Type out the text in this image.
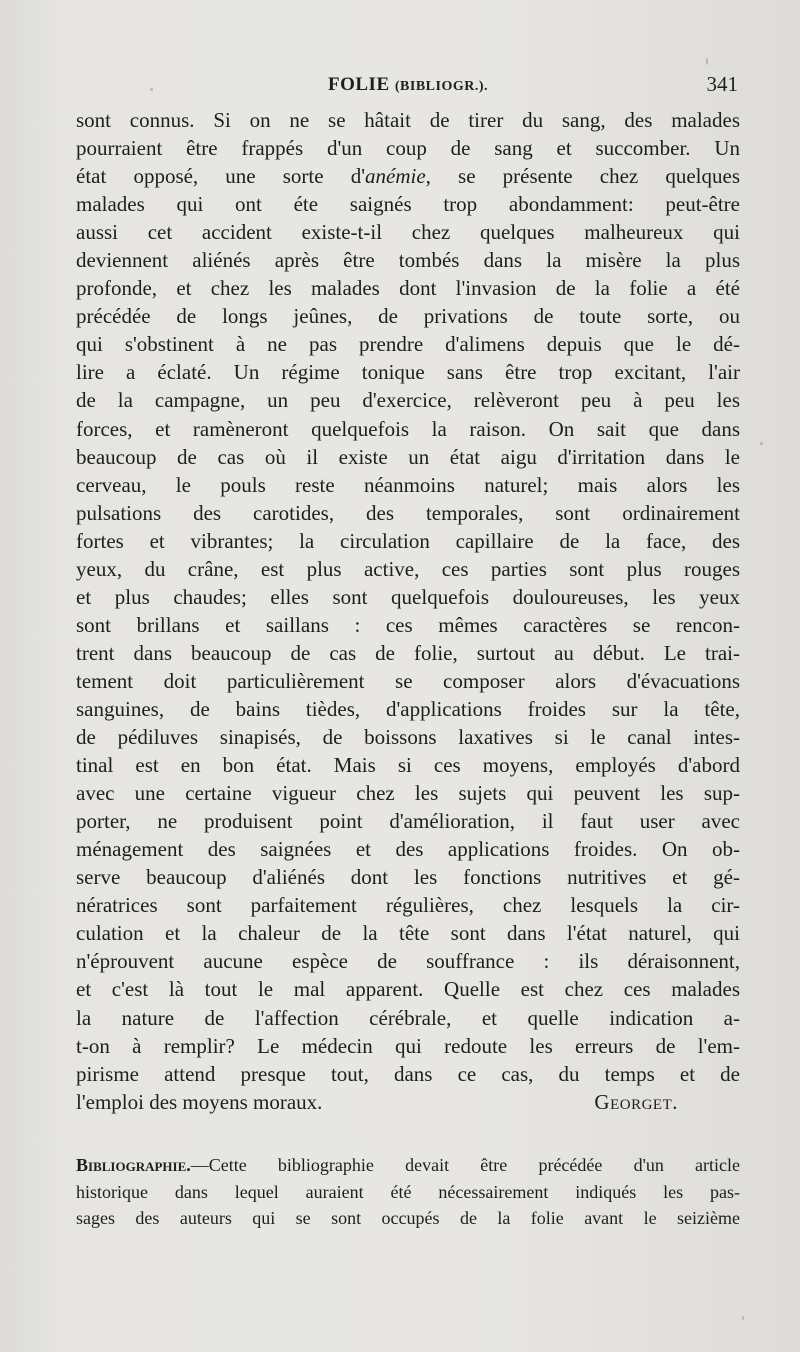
FOLIE (BIBLIOGR.).	341
sont connus. Si on ne se hâtait de tirer du sang, des malades
pourraient être frappés d'un coup de sang et succomber. Un
état opposé, une sorte d'anémie, se présente chez quelques
malades qui ont éte saignés trop abondamment: peut-être
aussi cet accident existe-t-il chez quelques malheureux qui
deviennent aliénés après être tombés dans la misère la plus
profonde, et chez les malades dont l'invasion de la folie a été
précédée de longs jeûnes, de privations de toute sorte, ou
qui s'obstinent à ne pas prendre d'alimens depuis que le dé-
lire a éclaté. Un régime tonique sans être trop excitant, l'air
de la campagne, un peu d'exercice, relèveront peu à peu les
forces, et ramèneront quelquefois la raison. On sait que dans
beaucoup de cas où il existe un état aigu d'irritation dans le
cerveau, le pouls reste néanmoins naturel; mais alors les
pulsations des carotides, des temporales, sont ordinairement
fortes et vibrantes; la circulation capillaire de la face, des
yeux, du crâne, est plus active, ces parties sont plus rouges
et plus chaudes; elles sont quelquefois douloureuses, les yeux
sont brillans et saillans : ces mêmes caractères se rencon-
trent dans beaucoup de cas de folie, surtout au début. Le trai-
tement doit particulièrement se composer alors d'évacuations
sanguines, de bains tièdes, d'applications froides sur la tête,
de pédiluves sinapisés, de boissons laxatives si le canal intes-
tinal est en bon état. Mais si ces moyens, employés d'abord
avec une certaine vigueur chez les sujets qui peuvent les sup-
porter, ne produisent point d'amélioration, il faut user avec
ménagement des saignées et des applications froides. On ob-
serve beaucoup d'aliénés dont les fonctions nutritives et gé-
nératrices sont parfaitement régulières, chez lesquels la cir-
culation et la chaleur de la tête sont dans l'état naturel, qui
n'éprouvent aucune espèce de souffrance : ils déraisonnent,
et c'est là tout le mal apparent. Quelle est chez ces malades
la nature de l'affection cérébrale, et quelle indication a-
t-on à remplir? Le médecin qui redoute les erreurs de l'em-
pirisme attend presque tout, dans ce cas, du temps et de
l'emploi des moyens moraux.	Georget.
Bibliographie.—Cette bibliographie devait être précédée d'un article
historique dans lequel auraient été nécessairement indiqués les pas-
sages des auteurs qui se sont occupés de la folie avant le seizième
